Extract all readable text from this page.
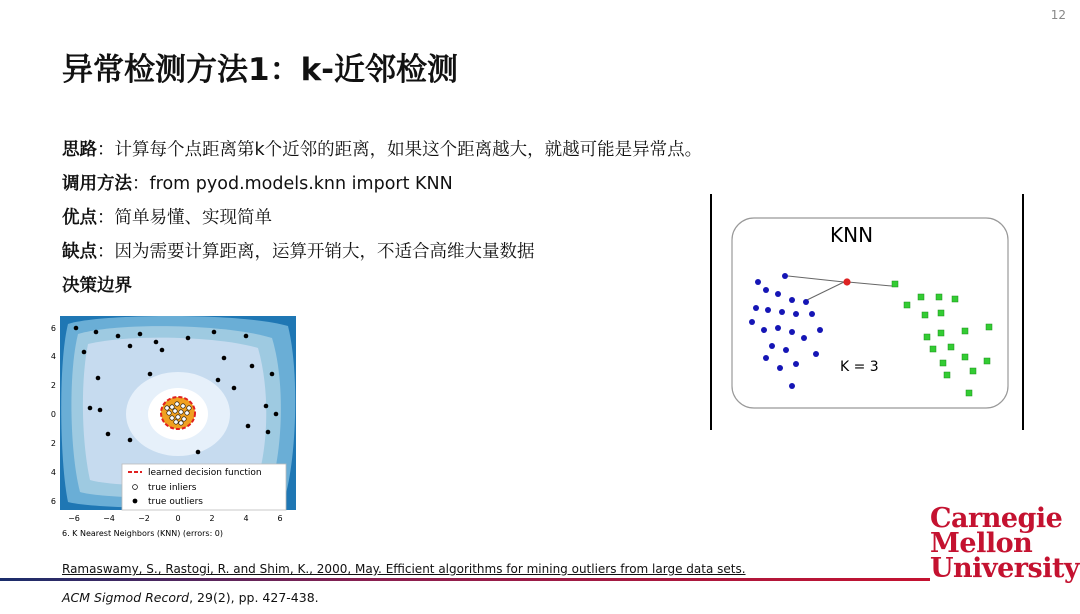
12
异常检测方法1：k-近邻检测
思路：计算每个点距离第k个近邻的距离，如果这个距离越大，就越可能是异常点。
调用方法：from pyod.models.knn import KNN
优点：简单易懂、实现简单
缺点：因为需要计算距离，运算开销大，不适合高维大量数据
决策边界
learned decision function
true inliers
true outliers
6
4
2
0
2
4
6
−6	−4	−2	0	2	4	6
6. K Nearest Neighbors (KNN) (errors: 0)
KNN
K = 3
Ramaswamy, S., Rastogi, R. and Shim, K., 2000, May. Efficient algorithms for mining outliers from large data sets.
ACM Sigmod Record, 29(2), pp. 427-438.
Carnegie
Mellon
University
